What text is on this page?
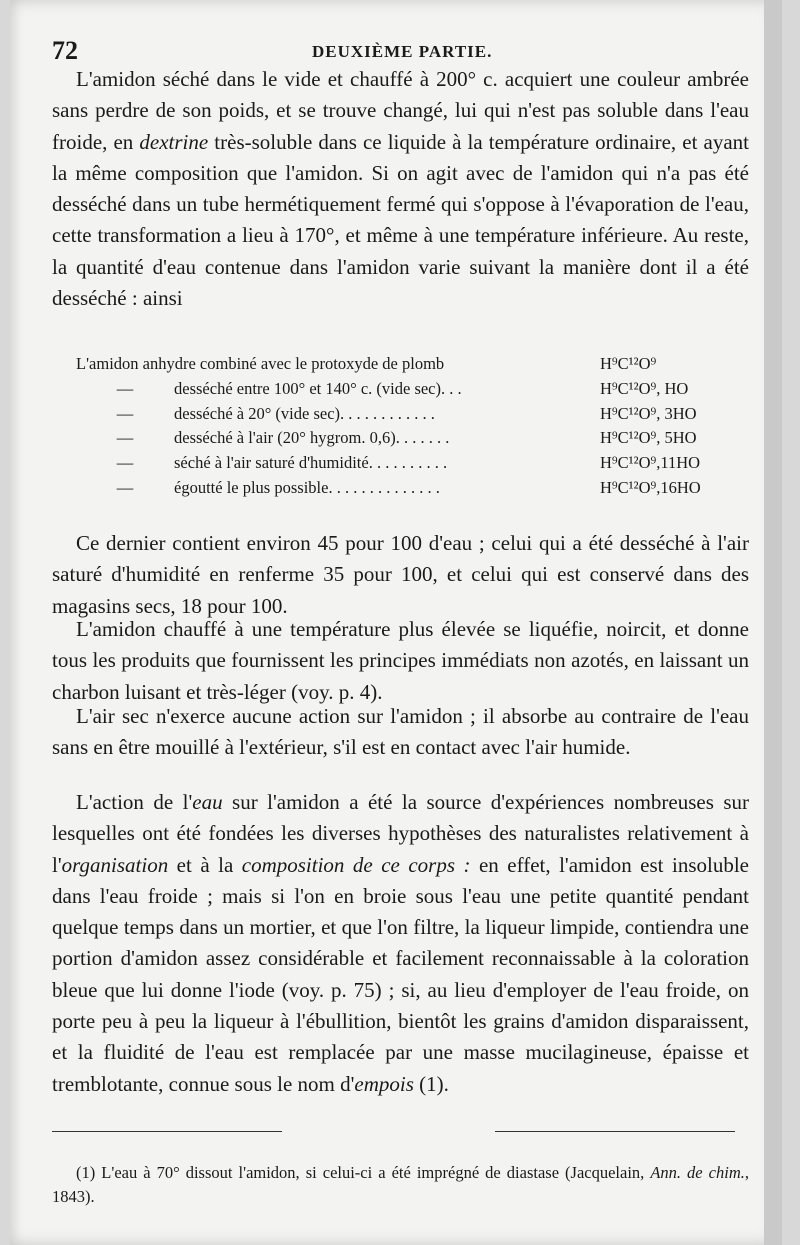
72	DEUXIÈME PARTIE.

L'amidon séché dans le vide et chauffé à 200° c. acquiert une couleur ambrée sans perdre de son poids, et se trouve changé, lui qui n'est pas soluble dans l'eau froide, en dextrine très-soluble dans ce liquide à la température ordinaire, et ayant la même composition que l'amidon. Si on agit avec de l'amidon qui n'a pas été desséché dans un tube hermétiquement fermé qui s'oppose à l'évaporation de l'eau, cette transformation a lieu à 170°, et même à une température inférieure. Au reste, la quantité d'eau contenue dans l'amidon varie suivant la manière dont il a été desséché : ainsi

L'amidon anhydre combiné avec le protoxyde de plomb	H⁹C¹²O⁹
—	desséché entre 100° et 140° c. (vide sec). . .	H⁹C¹²O⁹, HO
—	desséché à 20° (vide sec). . . . . . . . . . . .	H⁹C¹²O⁹, 3HO
—	desséché à l'air (20° hygrom. 0,6). . . . . . .	H⁹C¹²O⁹, 5HO
—	séché à l'air saturé d'humidité. . . . . . . . . .	H⁹C¹²O⁹,11HO
—	égoutté le plus possible. . . . . . . . . . . . . .	H⁹C¹²O⁹,16HO

Ce dernier contient environ 45 pour 100 d'eau ; celui qui a été desséché à l'air saturé d'humidité en renferme 35 pour 100, et celui qui est conservé dans des magasins secs, 18 pour 100.

L'amidon chauffé à une température plus élevée se liquéfie, noircit, et donne tous les produits que fournissent les principes immédiats non azotés, en laissant un charbon luisant et très-léger (voy. p. 4).

L'air sec n'exerce aucune action sur l'amidon ; il absorbe au contraire de l'eau sans en être mouillé à l'extérieur, s'il est en contact avec l'air humide.

L'action de l'eau sur l'amidon a été la source d'expériences nombreuses sur lesquelles ont été fondées les diverses hypothèses des naturalistes relativement à l'organisation et à la composition de ce corps : en effet, l'amidon est insoluble dans l'eau froide ; mais si l'on en broie sous l'eau une petite quantité pendant quelque temps dans un mortier, et que l'on filtre, la liqueur limpide, contiendra une portion d'amidon assez considérable et facilement reconnaissable à la coloration bleue que lui donne l'iode (voy. p. 75) ; si, au lieu d'employer de l'eau froide, on porte peu à peu la liqueur à l'ébullition, bientôt les grains d'amidon disparaissent, et la fluidité de l'eau est remplacée par une masse mucilagineuse, épaisse et tremblotante, connue sous le nom d'empois (1).

(1) L'eau à 70° dissout l'amidon, si celui-ci a été imprégné de diastase (Jacquelain, Ann. de chim., 1843).
